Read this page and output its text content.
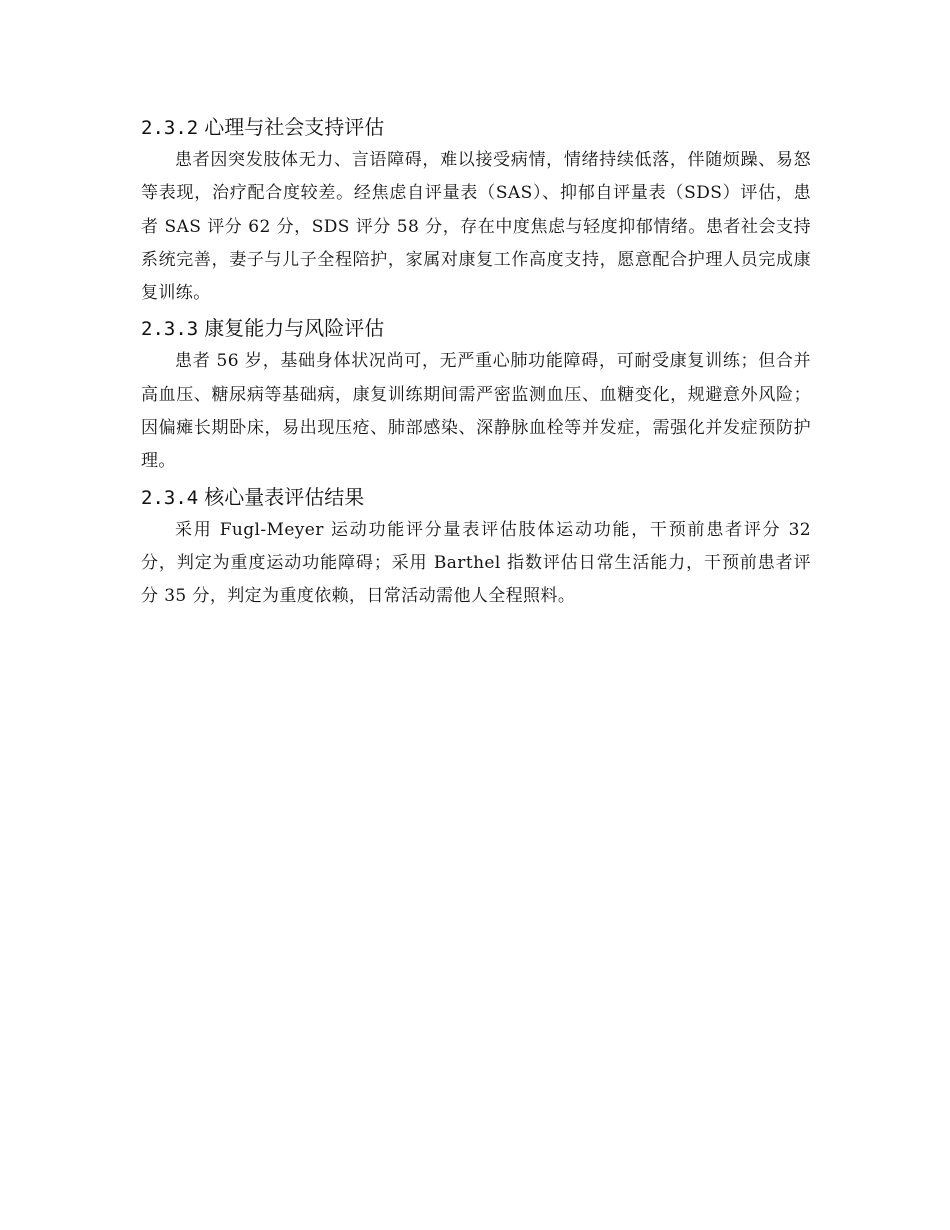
2.3.2 心理与社会支持评估

患者因突发肢体无力、言语障碍，难以接受病情，情绪持续低落，伴随烦躁、易怒等表现，治疗配合度较差。经焦虑自评量表（SAS）、抑郁自评量表（SDS）评估，患者 SAS 评分 62 分，SDS 评分 58 分，存在中度焦虑与轻度抑郁情绪。患者社会支持系统完善，妻子与儿子全程陪护，家属对康复工作高度支持，愿意配合护理人员完成康复训练。

2.3.3 康复能力与风险评估

患者 56 岁，基础身体状况尚可，无严重心肺功能障碍，可耐受康复训练；但合并高血压、糖尿病等基础病，康复训练期间需严密监测血压、血糖变化，规避意外风险；因偏瘫长期卧床，易出现压疮、肺部感染、深静脉血栓等并发症，需强化并发症预防护理。

2.3.4 核心量表评估结果

采用 Fugl-Meyer 运动功能评分量表评估肢体运动功能，干预前患者评分 32 分，判定为重度运动功能障碍；采用 Barthel 指数评估日常生活能力，干预前患者评分 35 分，判定为重度依赖，日常活动需他人全程照料。
